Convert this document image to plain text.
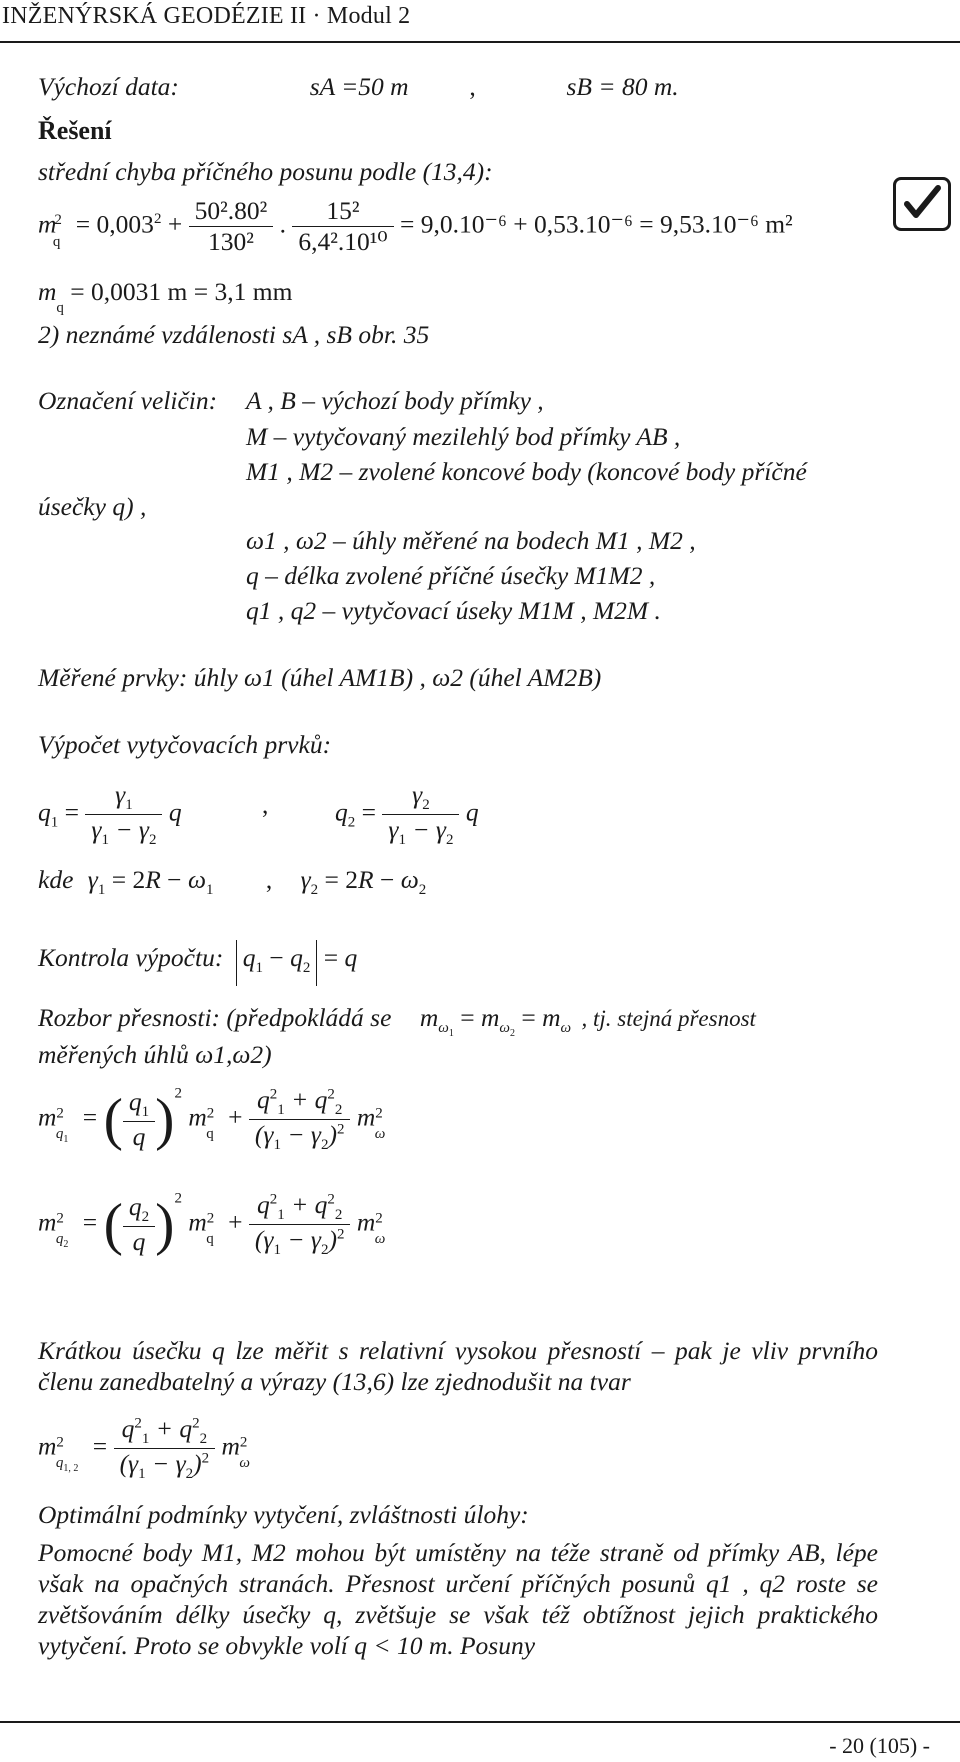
INŽENÝRSKÁ GEODÉZIE II · Modul 2
Výchozí data:	sA =50 m ,	sB = 80 m.
Řešení
střední chyba příčného posunu podle (13,4):
$m^2_q = 0,003^2 + \frac{\text{50².80²}}{\text{130²}}$ . $\frac{\text{15²}}{\text{6,4².10¹⁰}} = 9,0.10^{-6} + 0,53.10^{-6} = 9,53.10^{-6}$ m²
$m_q = 0,0031$ m = 3,1 mm
2) neznámé vzdálenosti sA , sB obr. 35
Označení veličin: A , B – výchozí body přímky ,
M – vytyčovaný mezilehlý bod přímky AB ,
M1 , M2 – zvolené koncové body (koncové body příčné
úsečky q) ,
ω1 , ω2 – úhly měřené na bodech M1 , M2 ,
q – délka zvolené příčné úsečky M1M2 ,
q1 , q2 – vytyčovací úseky M1M , M2M .
Měřené prvky: úhly ω1 (úhel AM1B) , ω2 (úhel AM2B)
Výpočet vytyčovacích prvků:
$q_1 = \frac{\gamma_1}{\gamma_1 - \gamma_2}$ q	,	$q_2 = \frac{\gamma_2}{\gamma_1 - \gamma_2}$ q
kde $\gamma_1 = 2R - \omega_1$ , $\gamma_2 = 2R - \omega_2$
Kontrola výpočtu: $q_1 - q_2 = q$
Rozbor přesnosti: (předpokládá se $m_{\omega_1} = m_{\omega_2} = m_\omega$ , tj. stejná přesnost
měřených úhlů ω1,ω2)
$m^2_{q_1}$ = ( $\frac{q_1}{q} )^2$ $m^2_q + \frac{q^2_1 + q^2_2}{(\gamma_1 - \gamma_2)^2} m^2_\omega$
$m^2_{q_2}$ = ( $\frac{q_2}{q} )^2$ $m^2_q + \frac{q^2_1 + q^2_2}{(\gamma_1 - \gamma_2)^2} m^2_\omega$
Krátkou úsečku q lze měřit s relativní vysokou přesností – pak je vliv prvního členu zanedbatelný a výrazy (13,6) lze zjednodušit na tvar
$m^2_{q_{1, 2}} = \frac{q^2_1 + q^2_2}{(\gamma_1 - \gamma_2)^2} m^2_\omega$
Optimální podmínky vytyčení, zvláštnosti úlohy:
Pomocné body M1, M2 mohou být umístěny na téže straně od přímky AB, lépe však na opačných stranách. Přesnost určení příčných posunů q1 , q2 roste se zvětšováním délky úsečky q, zvětšuje se však též obtížnost jejich praktického vytyčení. Proto se obvykle volí q < 10 m. Posuny
- 20 (105) -
